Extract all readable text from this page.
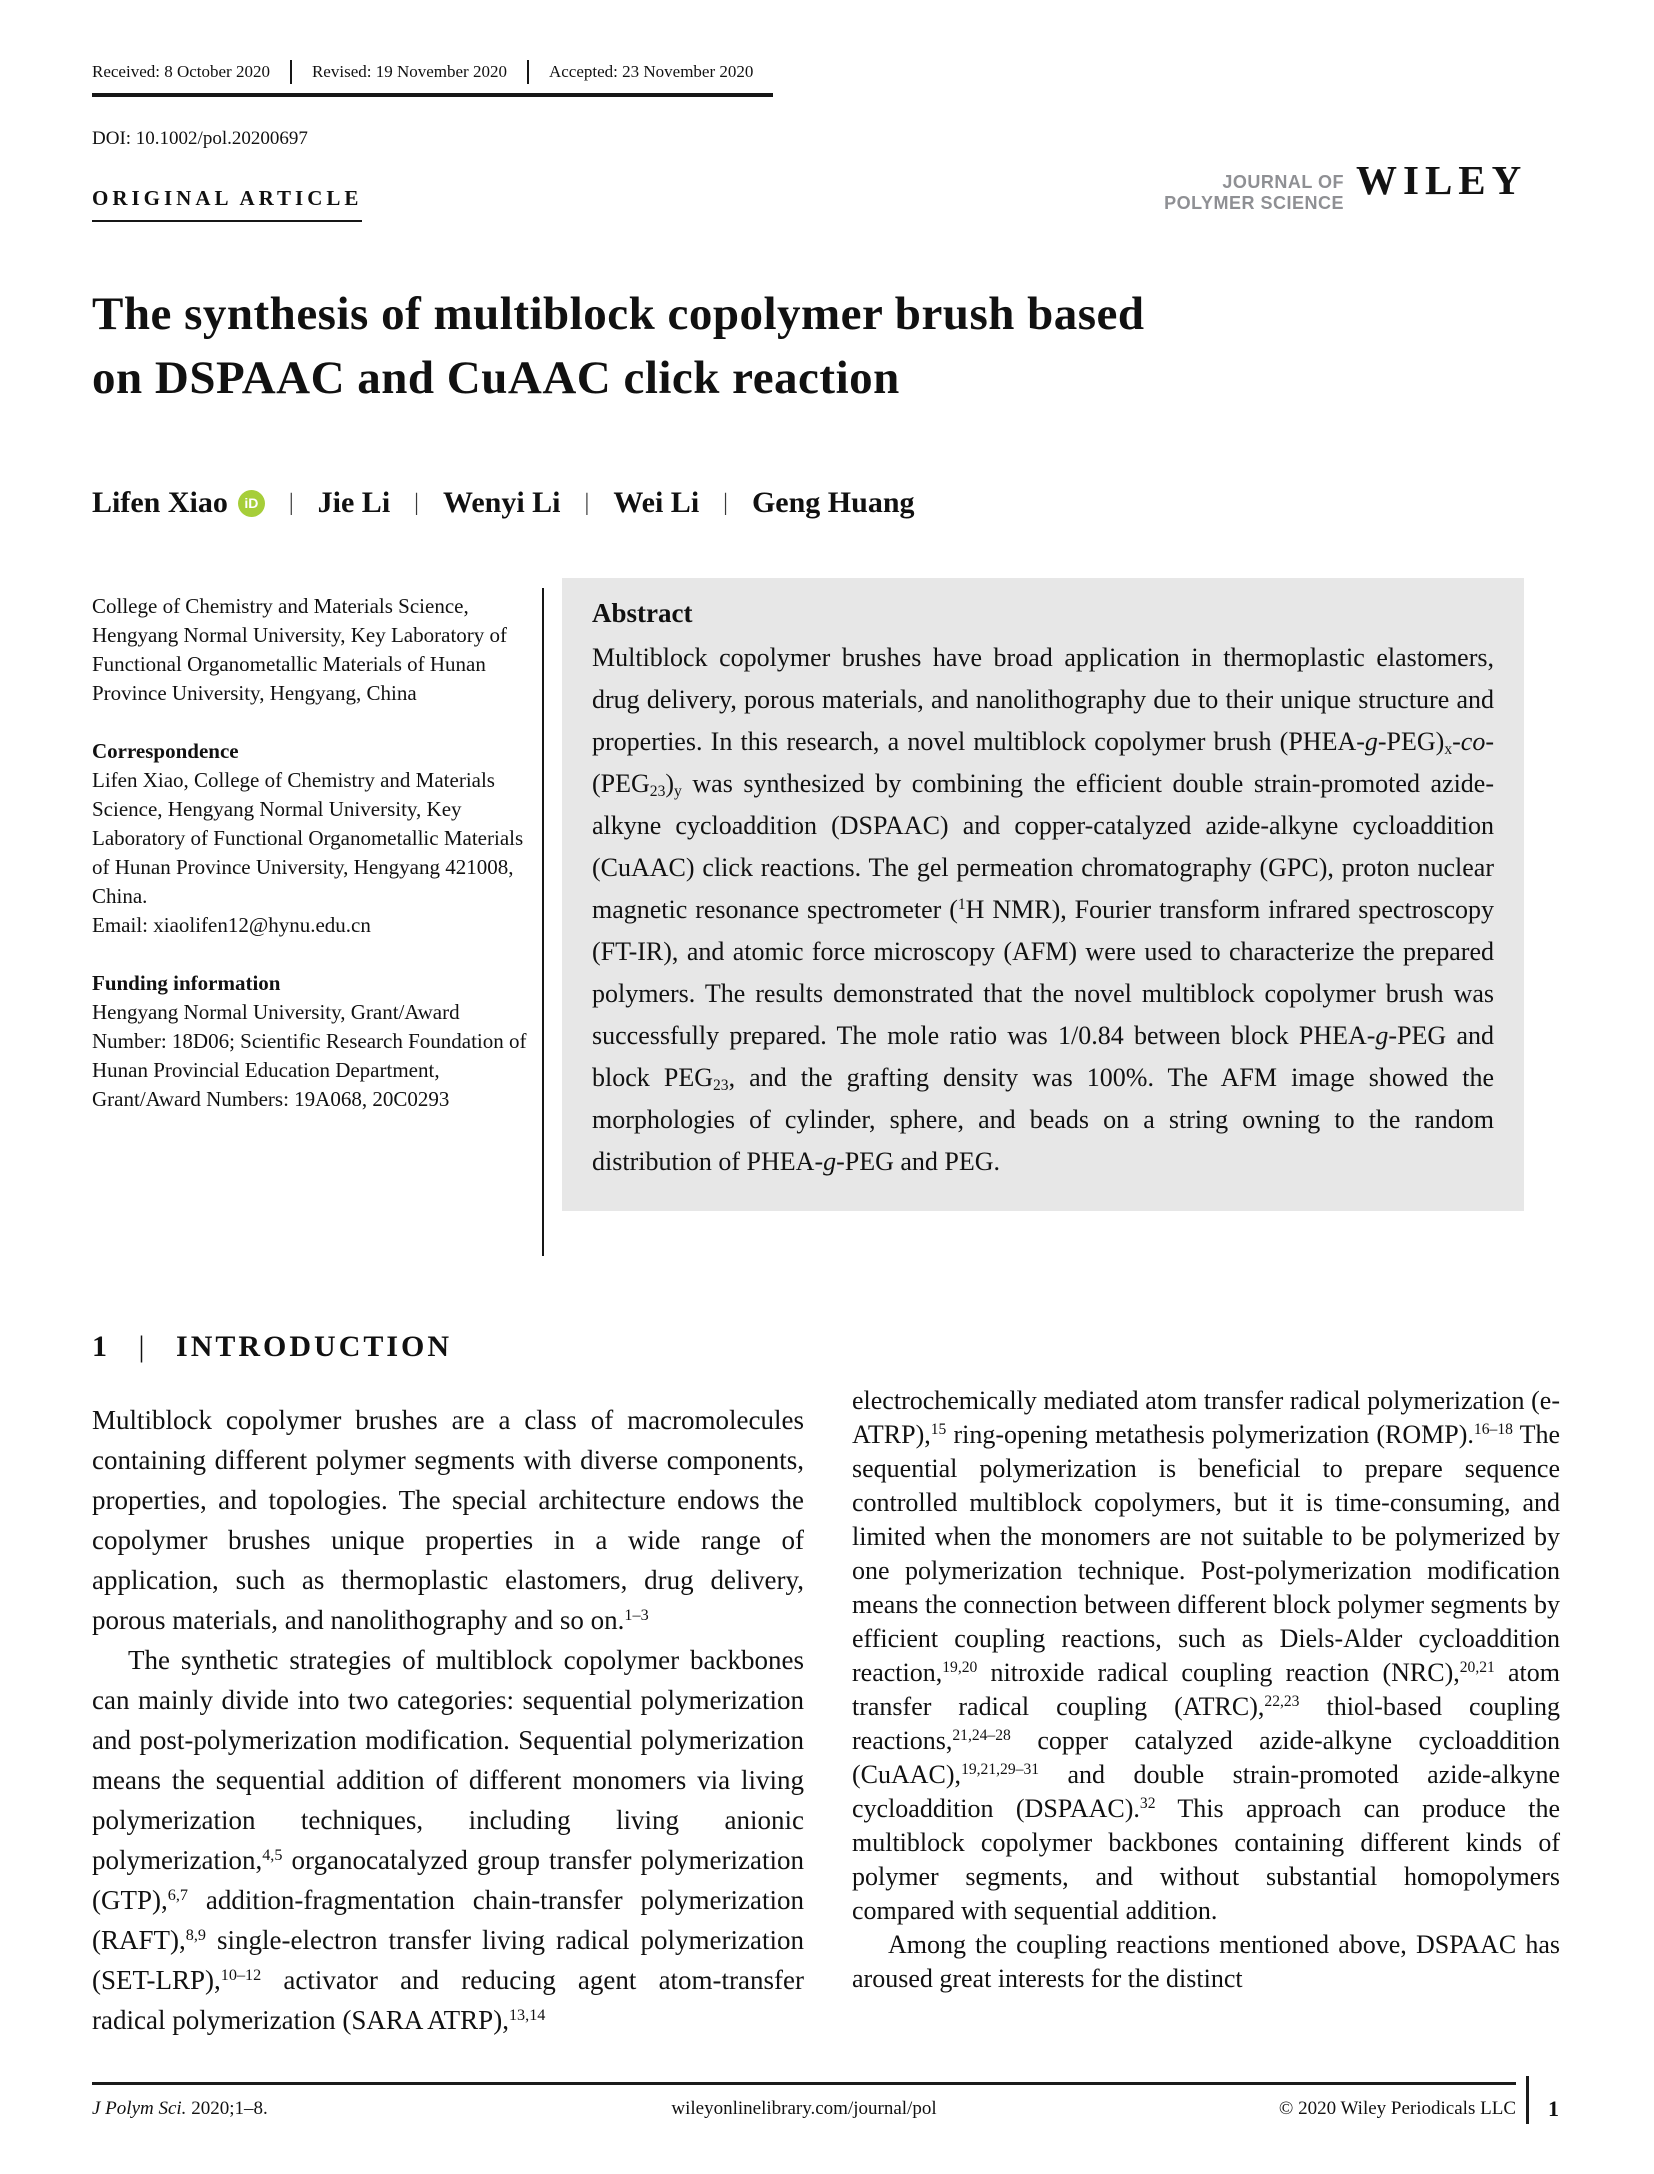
Received: 8 October 2020	Revised: 19 November 2020	Accepted: 23 November 2020
DOI: 10.1002/pol.20200697
ORIGINAL ARTICLE
JOURNAL OF
POLYMER SCIENCE WILEY
The synthesis of multiblock copolymer brush based
on DSPAAC and CuAAC click reaction
Lifen Xiao	iD | Jie Li | Wenyi Li | Wei Li | Geng Huang

College of Chemistry and Materials Science, Hengyang Normal University, Key Laboratory of Functional Organometallic Materials of Hunan Province University, Hengyang, China

Correspondence
Lifen Xiao, College of Chemistry and Materials Science, Hengyang Normal University, Key Laboratory of Functional Organometallic Materials of Hunan Province University, Hengyang 421008, China.
Email: xiaolifen12@hynu.edu.cn
Funding information
Hengyang Normal University, Grant/Award Number: 18D06; Scientific Research Foundation of Hunan Provincial Education Department, Grant/Award Numbers: 19A068, 20C0293
Abstract

Multiblock copolymer brushes have broad application in thermoplastic elastomers, drug delivery, porous materials, and nanolithography due to their unique structure and properties. In this research, a novel multiblock copolymer brush $(PHEA-g-PEG)_x-co-$ $(PEG_{23})_y$ was synthesized by combining the efficient double strain-promoted azide-alkyne cycloaddition (DSPAAC) and copper-catalyzed azide-alkyne cycloaddition (CuAAC) click reactions. The gel permeation chromatography (GPC), proton nuclear magnetic resonance spectrometer ($^1$H NMR), Fourier transform infrared spectroscopy (FT-IR), and atomic force microscopy (AFM) were used to characterize the prepared polymers. The results demonstrated that the novel multiblock copolymer brush was successfully prepared. The mole ratio was 1/0.84 between block PHEA-g-PEG and block $PEG_{23}$, and the grafting density was 100%. The AFM image showed the morphologies of cylinder, sphere, and beads on a string owning to the random distribution of PHEA-g-PEG and PEG.

1 | INTRODUCTION

Multiblock copolymer brushes are a class of macromolecules containing different polymer segments with diverse components, properties, and topologies. The special architecture endows the copolymer brushes unique properties in a wide range of application, such as thermoplastic elastomers, drug delivery, porous materials, and nanolithography and so on.$^{1-3}$

The synthetic strategies of multiblock copolymer backbones can mainly divide into two categories: sequential polymerization and post-polymerization modification. Sequential polymerization means the sequential addition of different monomers via living polymerization techniques, including living anionic polymerization,$^{4,5}$ organocatalyzed group transfer polymerization (GTP),$^{6,7}$ addition-fragmentation chain-transfer polymerization (RAFT),$^{8,9}$ single-electron transfer living radical polymerization (SET-LRP),$^{10-12}$ activator and reducing agent atom-transfer radical polymerization (SARA ATRP),$^{13,14}$

electrochemically mediated atom transfer radical polymerization (e-ATRP),$^{15}$ ring-opening metathesis polymerization (ROMP).$^{16-18}$ The sequential polymerization is beneficial to prepare sequence controlled multiblock copolymers, but it is time-consuming, and limited when the monomers are not suitable to be polymerized by one polymerization technique. Post-polymerization modification means the connection between different block polymer segments by efficient coupling reactions, such as Diels-Alder cycloaddition reaction,$^{19,20}$ nitroxide radical coupling reaction (NRC),$^{20,21}$ atom transfer radical coupling (ATRC),$^{22,23}$ thiol-based coupling reactions,$^{21,24-28}$ copper catalyzed azide-alkyne cycloaddition (CuAAC),$^{19,21,29-31}$ and double strain-promoted azide-alkyne cycloaddition (DSPAAC).$^{32}$ This approach can produce the multiblock copolymer backbones containing different kinds of polymer segments, and without substantial homopolymers compared with sequential addition.

Among the coupling reactions mentioned above, DSPAAC has aroused great interests for the distinct

J Polym Sci. 2020;1–8.	wileyonlinelibrary.com/journal/pol	© 2020 Wiley Periodicals LLC 1
